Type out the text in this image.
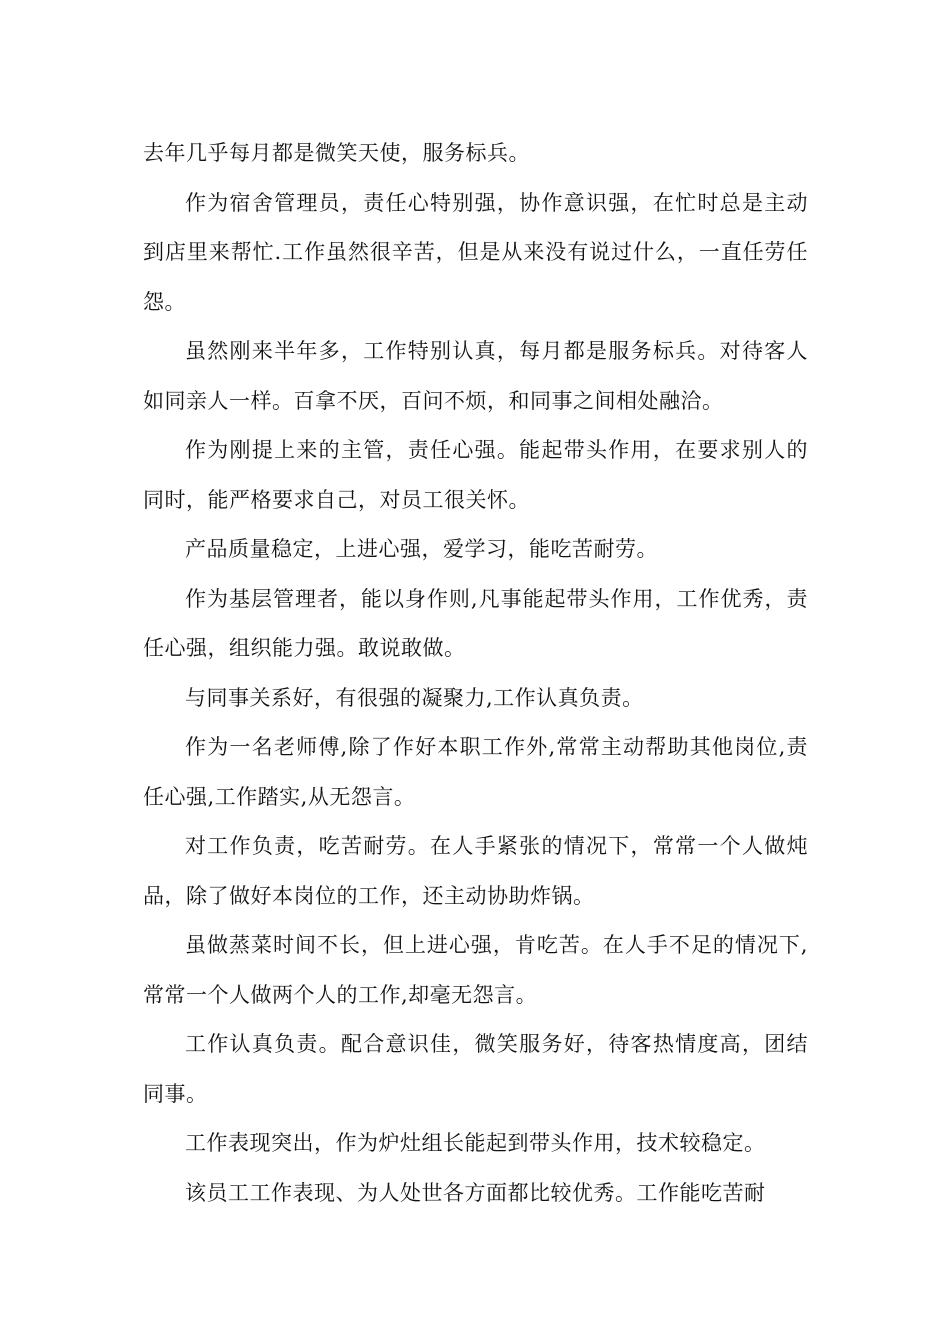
去年几乎每月都是微笑天使，服务标兵。

作为宿舍管理员，责任心特别强，协作意识强，在忙时总是主动到店里来帮忙.工作虽然很辛苦，但是从来没有说过什么，一直任劳任怨。

虽然刚来半年多，工作特别认真，每月都是服务标兵。对待客人如同亲人一样。百拿不厌，百问不烦，和同事之间相处融洽。

作为刚提上来的主管，责任心强。能起带头作用，在要求别人的同时，能严格要求自己，对员工很关怀。

产品质量稳定，上进心强，爱学习，能吃苦耐劳。

作为基层管理者，能以身作则,凡事能起带头作用，工作优秀，责任心强，组织能力强。敢说敢做。

与同事关系好，有很强的凝聚力,工作认真负责。

作为一名老师傅,除了作好本职工作外,常常主动帮助其他岗位,责任心强,工作踏实,从无怨言。

对工作负责，吃苦耐劳。在人手紧张的情况下，常常一个人做炖品，除了做好本岗位的工作，还主动协助炸锅。

虽做蒸菜时间不长，但上进心强，肯吃苦。在人手不足的情况下,常常一个人做两个人的工作,却毫无怨言。

工作认真负责。配合意识佳，微笑服务好，待客热情度高，团结同事。

工作表现突出，作为炉灶组长能起到带头作用，技术较稳定。

该员工工作表现、为人处世各方面都比较优秀。工作能吃苦耐
